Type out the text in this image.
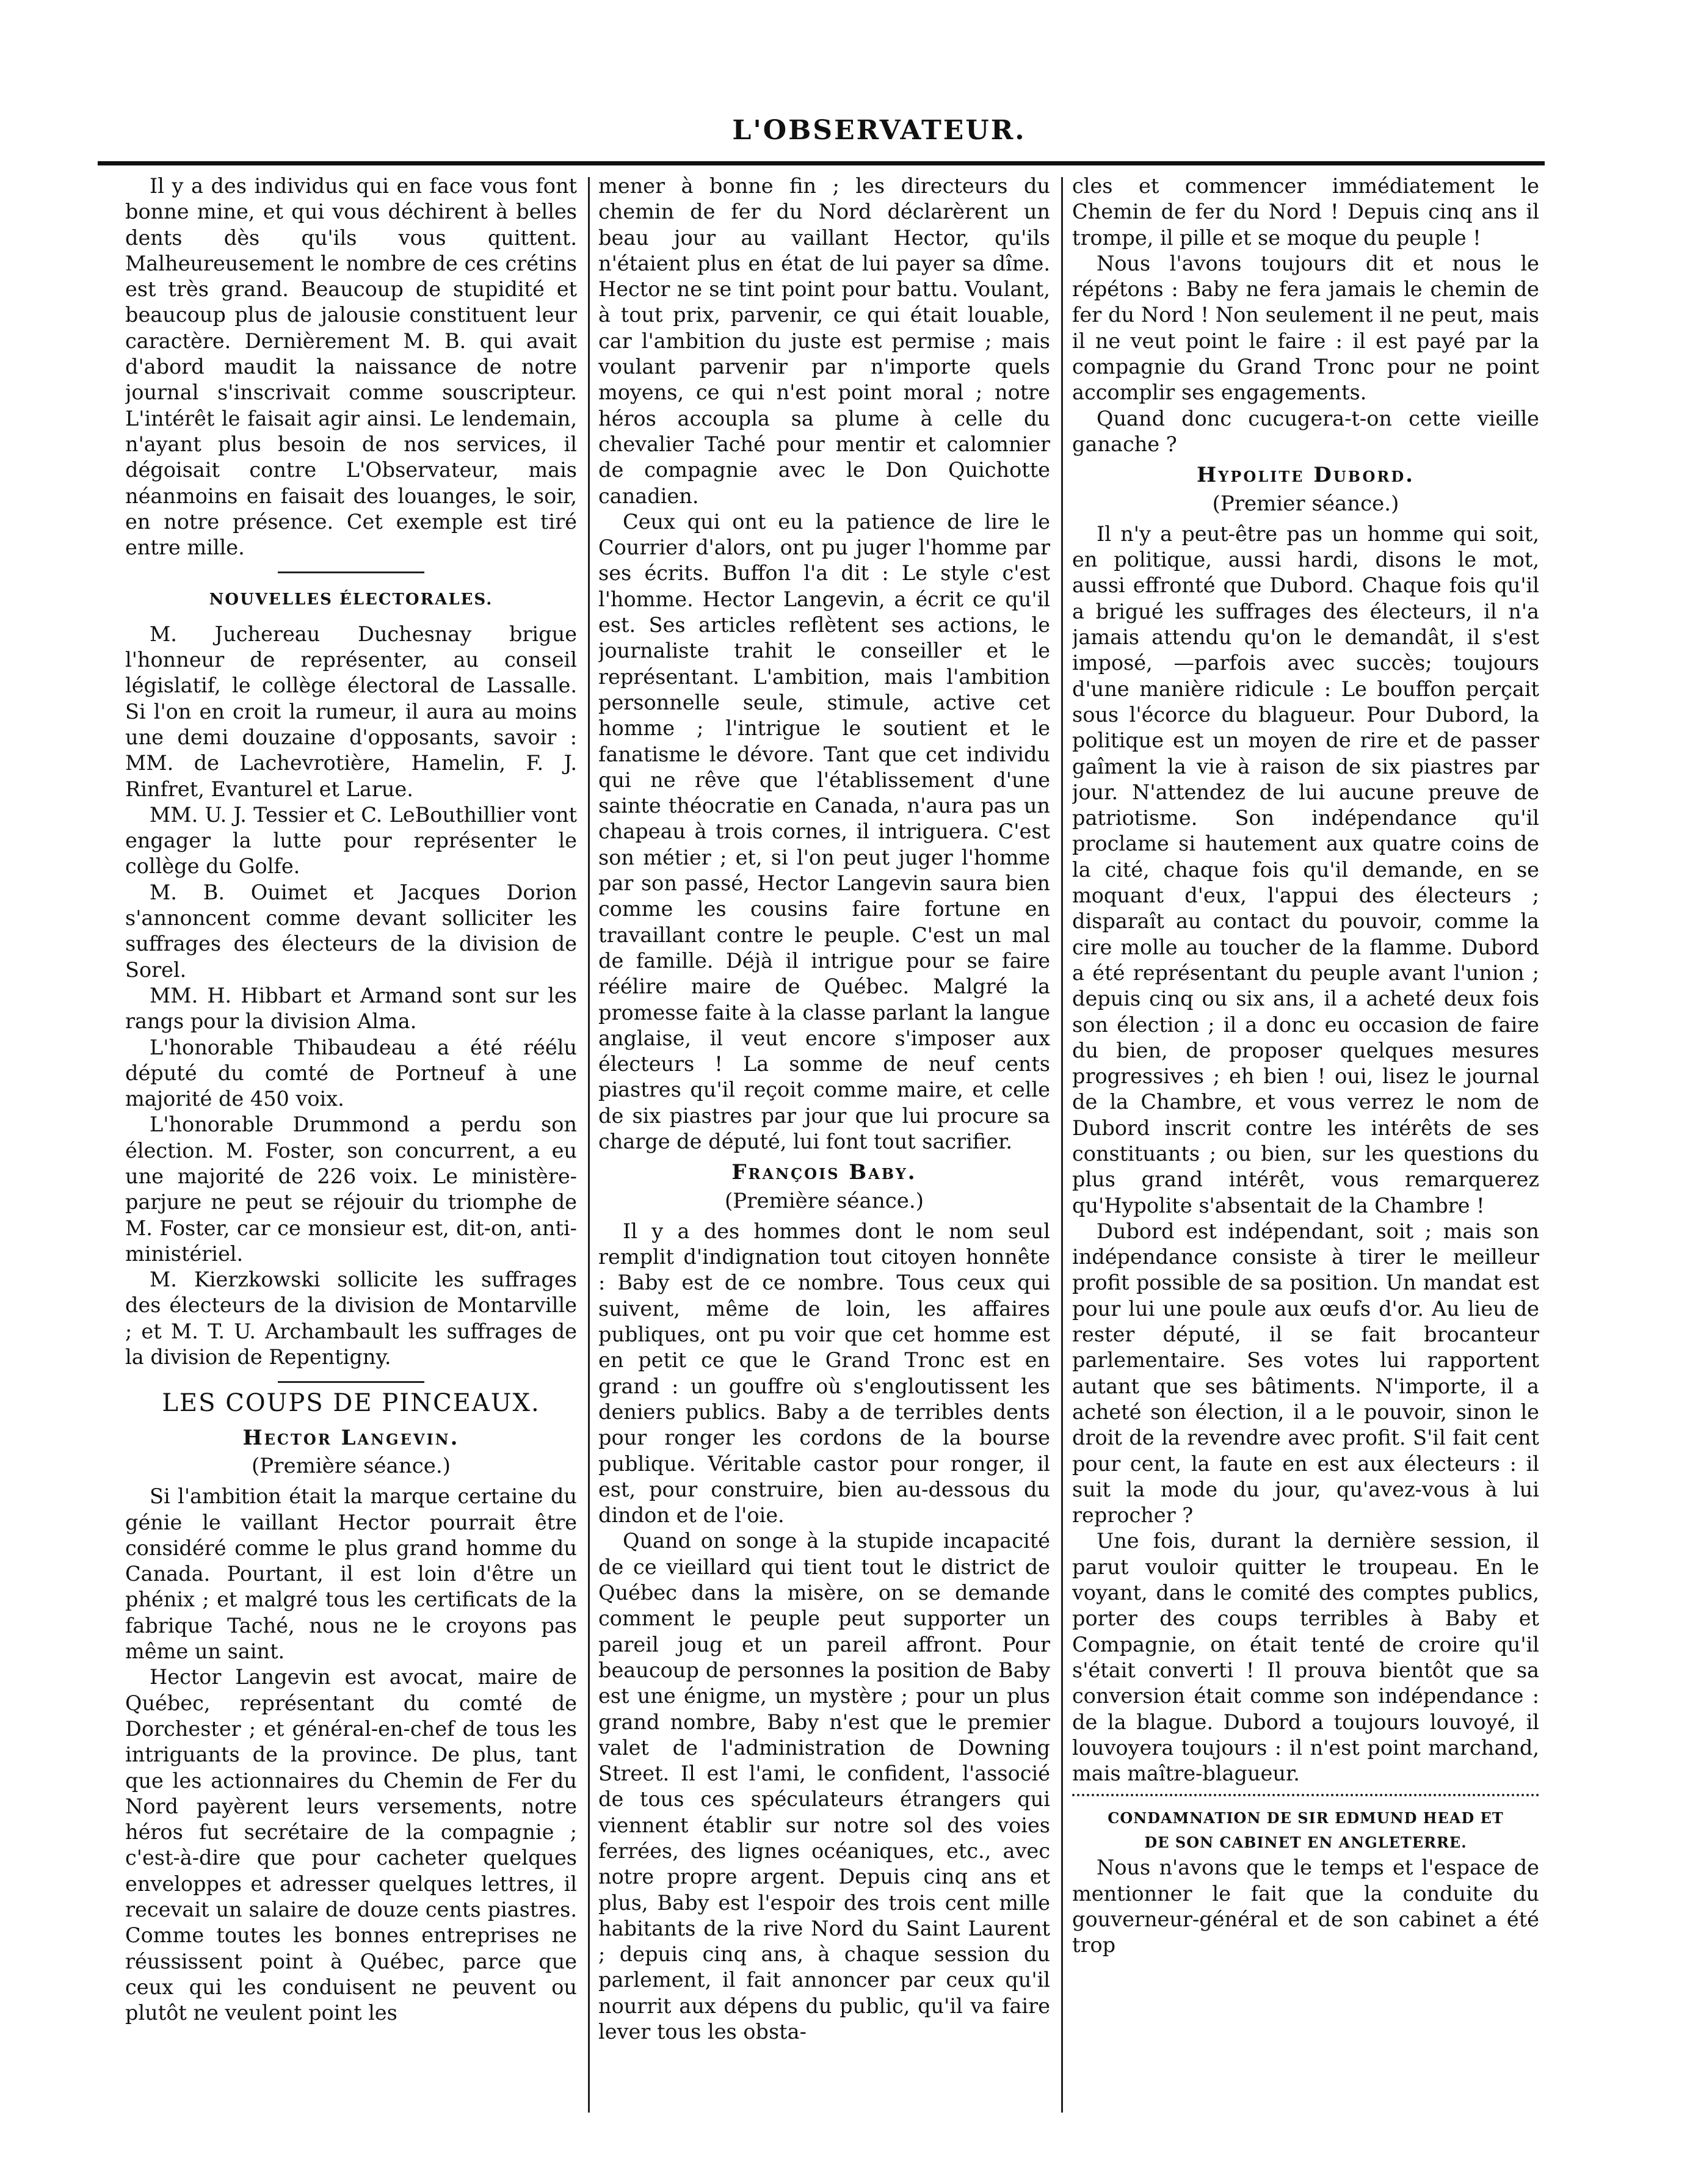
L'OBSERVATEUR.

Il y a des individus qui en face vous font bonne mine, et qui vous déchirent à belles dents dès qu'ils vous quittent. Malheureusement le nombre de ces crétins est très grand. Beaucoup de stupidité et beaucoup plus de jalousie constituent leur caractère. Dernièrement M. B. qui avait d'abord maudit la naissance de notre journal s'inscrivait comme souscripteur. L'intérêt le faisait agir ainsi. Le lendemain, n'ayant plus besoin de nos services, il dégoisait contre L'Observateur, mais néanmoins en faisait des louanges, le soir, en notre présence. Cet exemple est tiré entre mille.

NOUVELLES ÉLECTORALES.

M. Juchereau Duchesnay brigue l'honneur de représenter, au conseil législatif, le collège électoral de Lassalle. Si l'on en croit la rumeur, il aura au moins une demi douzaine d'opposants, savoir : MM. de Lachevrotière, Hamelin, F. J. Rinfret, Evanturel et Larue.

MM. U. J. Tessier et C. LeBouthillier vont engager la lutte pour représenter le collège du Golfe.

M. B. Ouimet et Jacques Dorion s'annoncent comme devant solliciter les suffrages des électeurs de la division de Sorel.

MM. H. Hibbart et Armand sont sur les rangs pour la division Alma.

L'honorable Thibaudeau a été réélu député du comté de Portneuf à une majorité de 450 voix.

L'honorable Drummond a perdu son élection. M. Foster, son concurrent, a eu une majorité de 226 voix. Le ministère-parjure ne peut se réjouir du triomphe de M. Foster, car ce monsieur est, dit-on, anti-ministériel.

M. Kierzkowski sollicite les suffrages des électeurs de la division de Montarville ; et M. T. U. Archambault les suffrages de la division de Repentigny.

LES COUPS DE PINCEAUX.
Hector Langevin.
(Première séance.)

Si l'ambition était la marque certaine du génie le vaillant Hector pourrait être considéré comme le plus grand homme du Canada. Pourtant, il est loin d'être un phénix ; et malgré tous les certificats de la fabrique Taché, nous ne le croyons pas même un saint.

Hector Langevin est avocat, maire de Québec, représentant du comté de Dorchester ; et général-en-chef de tous les intriguants de la province. De plus, tant que les actionnaires du Chemin de Fer du Nord payèrent leurs versements, notre héros fut secrétaire de la compagnie ; c'est-à-dire que pour cacheter quelques enveloppes et adresser quelques lettres, il recevait un salaire de douze cents piastres. Comme toutes les bonnes entreprises ne réussissent point à Québec, parce que ceux qui les conduisent ne peuvent ou plutôt ne veulent point les

mener à bonne fin ; les directeurs du chemin de fer du Nord déclarèrent un beau jour au vaillant Hector, qu'ils n'étaient plus en état de lui payer sa dîme. Hector ne se tint point pour battu. Voulant, à tout prix, parvenir, ce qui était louable, car l'ambition du juste est permise ; mais voulant parvenir par n'importe quels moyens, ce qui n'est point moral ; notre héros accoupla sa plume à celle du chevalier Taché pour mentir et calomnier de compagnie avec le Don Quichotte canadien.

Ceux qui ont eu la patience de lire le Courrier d'alors, ont pu juger l'homme par ses écrits. Buffon l'a dit : Le style c'est l'homme. Hector Langevin, a écrit ce qu'il est. Ses articles reflètent ses actions, le journaliste trahit le conseiller et le représentant. L'ambition, mais l'ambition personnelle seule, stimule, active cet homme ; l'intrigue le soutient et le fanatisme le dévore. Tant que cet individu qui ne rêve que l'établissement d'une sainte théocratie en Canada, n'aura pas un chapeau à trois cornes, il intriguera. C'est son métier ; et, si l'on peut juger l'homme par son passé, Hector Langevin saura bien comme les cousins faire fortune en travaillant contre le peuple. C'est un mal de famille. Déjà il intrigue pour se faire réélire maire de Québec. Malgré la promesse faite à la classe parlant la langue anglaise, il veut encore s'imposer aux électeurs ! La somme de neuf cents piastres qu'il reçoit comme maire, et celle de six piastres par jour que lui procure sa charge de député, lui font tout sacrifier.

François Baby.
(Première séance.)

Il y a des hommes dont le nom seul remplit d'indignation tout citoyen honnête : Baby est de ce nombre. Tous ceux qui suivent, même de loin, les affaires publiques, ont pu voir que cet homme est en petit ce que le Grand Tronc est en grand : un gouffre où s'engloutissent les deniers publics. Baby a de terribles dents pour ronger les cordons de la bourse publique. Véritable castor pour ronger, il est, pour construire, bien au-dessous du dindon et de l'oie.

Quand on songe à la stupide incapacité de ce vieillard qui tient tout le district de Québec dans la misère, on se demande comment le peuple peut supporter un pareil joug et un pareil affront. Pour beaucoup de personnes la position de Baby est une énigme, un mystère ; pour un plus grand nombre, Baby n'est que le premier valet de l'administration de Downing Street. Il est l'ami, le confident, l'associé de tous ces spéculateurs étrangers qui viennent établir sur notre sol des voies ferrées, des lignes océaniques, etc., avec notre propre argent. Depuis cinq ans et plus, Baby est l'espoir des trois cent mille habitants de la rive Nord du Saint Laurent ; depuis cinq ans, à chaque session du parlement, il fait annoncer par ceux qu'il nourrit aux dépens du public, qu'il va faire lever tous les obsta-

cles et commencer immédiatement le Chemin de fer du Nord ! Depuis cinq ans il trompe, il pille et se moque du peuple !

Nous l'avons toujours dit et nous le répétons : Baby ne fera jamais le chemin de fer du Nord ! Non seulement il ne peut, mais il ne veut point le faire : il est payé par la compagnie du Grand Tronc pour ne point accomplir ses engagements.

Quand donc cucugera-t-on cette vieille ganache ?

Hypolite Dubord.
(Premier séance.)

Il n'y a peut-être pas un homme qui soit, en politique, aussi hardi, disons le mot, aussi effronté que Dubord. Chaque fois qu'il a brigué les suffrages des électeurs, il n'a jamais attendu qu'on le demandât, il s'est imposé, —parfois avec succès; toujours d'une manière ridicule : Le bouffon perçait sous l'écorce du blagueur. Pour Dubord, la politique est un moyen de rire et de passer gaîment la vie à raison de six piastres par jour. N'attendez de lui aucune preuve de patriotisme. Son indépendance qu'il proclame si hautement aux quatre coins de la cité, chaque fois qu'il demande, en se moquant d'eux, l'appui des électeurs ; disparaît au contact du pouvoir, comme la cire molle au toucher de la flamme. Dubord a été représentant du peuple avant l'union ; depuis cinq ou six ans, il a acheté deux fois son élection ; il a donc eu occasion de faire du bien, de proposer quelques mesures progressives ; eh bien ! oui, lisez le journal de la Chambre, et vous verrez le nom de Dubord inscrit contre les intérêts de ses constituants ; ou bien, sur les questions du plus grand intérêt, vous remarquerez qu'Hypolite s'absentait de la Chambre !

Dubord est indépendant, soit ; mais son indépendance consiste à tirer le meilleur profit possible de sa position. Un mandat est pour lui une poule aux œufs d'or. Au lieu de rester député, il se fait brocanteur parlementaire. Ses votes lui rapportent autant que ses bâtiments. N'importe, il a acheté son élection, il a le pouvoir, sinon le droit de la revendre avec profit. S'il fait cent pour cent, la faute en est aux électeurs : il suit la mode du jour, qu'avez-vous à lui reprocher ?

Une fois, durant la dernière session, il parut vouloir quitter le troupeau. En le voyant, dans le comité des comptes publics, porter des coups terribles à Baby et Compagnie, on était tenté de croire qu'il s'était converti ! Il prouva bientôt que sa conversion était comme son indépendance : de la blague. Dubord a toujours louvoyé, il louvoyera toujours : il n'est point marchand, mais maître-blagueur.

CONDAMNATION DE SIR EDMUND HEAD ET
DE SON CABINET EN ANGLETERRE.

Nous n'avons que le temps et l'espace de mentionner le fait que la conduite du gouverneur-général et de son cabinet a été trop
